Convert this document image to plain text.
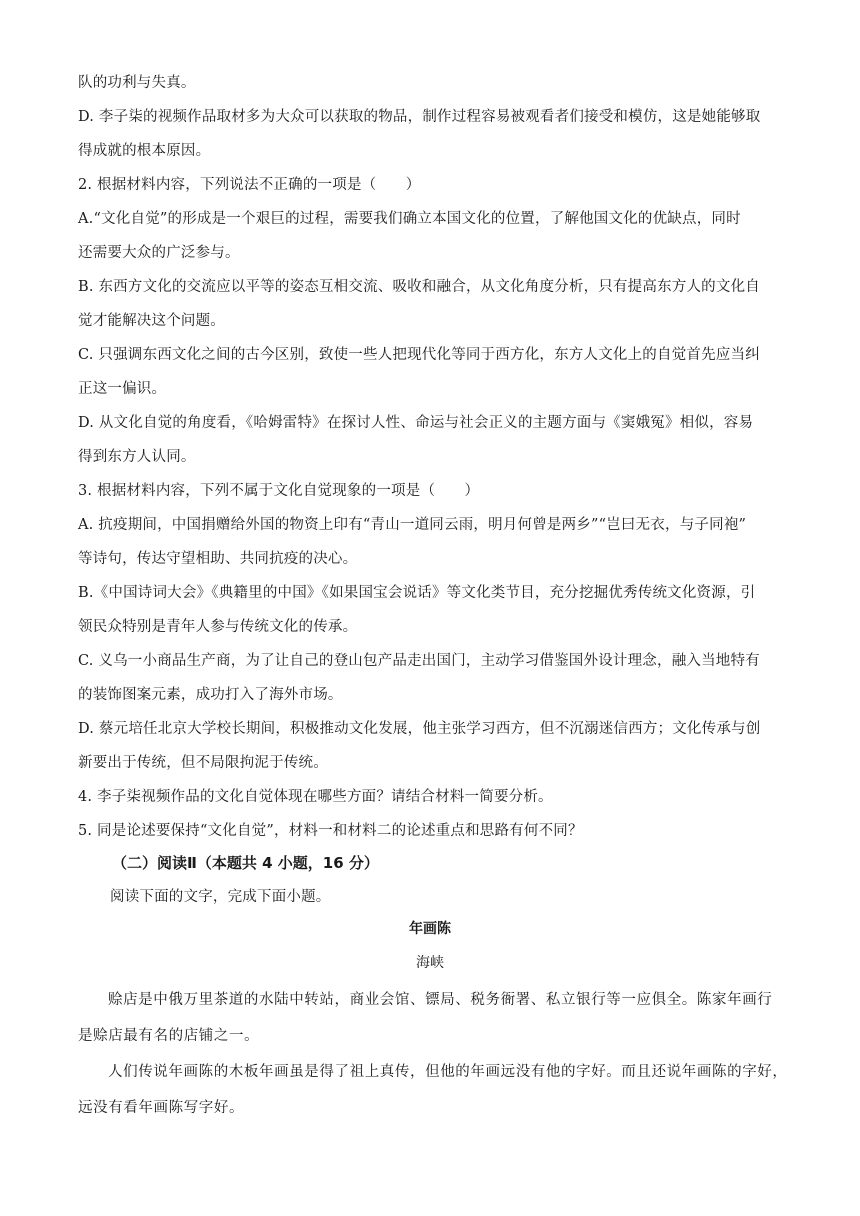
队的功利与失真。
D. 李子柒的视频作品取材多为大众可以获取的物品，制作过程容易被观看者们接受和模仿，这是她能够取
得成就的根本原因。
2. 根据材料内容，下列说法不正确的一项是（　　）
A.“文化自觉”的形成是一个艰巨的过程，需要我们确立本国文化的位置，了解他国文化的优缺点，同时
还需要大众的广泛参与。
B. 东西方文化的交流应以平等的姿态互相交流、吸收和融合，从文化角度分析，只有提高东方人的文化自
觉才能解决这个问题。
C. 只强调东西文化之间的古今区别，致使一些人把现代化等同于西方化，东方人文化上的自觉首先应当纠
正这一偏识。
D. 从文化自觉的角度看，《哈姆雷特》在探讨人性、命运与社会正义的主题方面与《窦娥冤》相似，容易
得到东方人认同。
3. 根据材料内容，下列不属于文化自觉现象的一项是（　　）
A. 抗疫期间，中国捐赠给外国的物资上印有“青山一道同云雨，明月何曾是两乡”“岂曰无衣，与子同袍”
等诗句，传达守望相助、共同抗疫的决心。
B.《中国诗词大会》《典籍里的中国》《如果国宝会说话》等文化类节目，充分挖掘优秀传统文化资源，引
领民众特别是青年人参与传统文化的传承。
C. 义乌一小商品生产商，为了让自己的登山包产品走出国门，主动学习借鉴国外设计理念，融入当地特有
的装饰图案元素，成功打入了海外市场。
D. 蔡元培任北京大学校长期间，积极推动文化发展，他主张学习西方，但不沉溺迷信西方；文化传承与创
新要出于传统，但不局限拘泥于传统。
4. 李子柒视频作品的文化自觉体现在哪些方面？请结合材料一简要分析。
5. 同是论述要保持“文化自觉”，材料一和材料二的论述重点和思路有何不同？
（二）阅读Ⅱ（本题共 4 小题，16 分）
阅读下面的文字，完成下面小题。
年画陈
海峡
赊店是中俄万里茶道的水陆中转站，商业会馆、镖局、税务衙署、私立银行等一应俱全。陈家年画行
是赊店最有名的店铺之一。
人们传说年画陈的木板年画虽是得了祖上真传，但他的年画远没有他的字好。而且还说年画陈的字好，
远没有看年画陈写字好。
